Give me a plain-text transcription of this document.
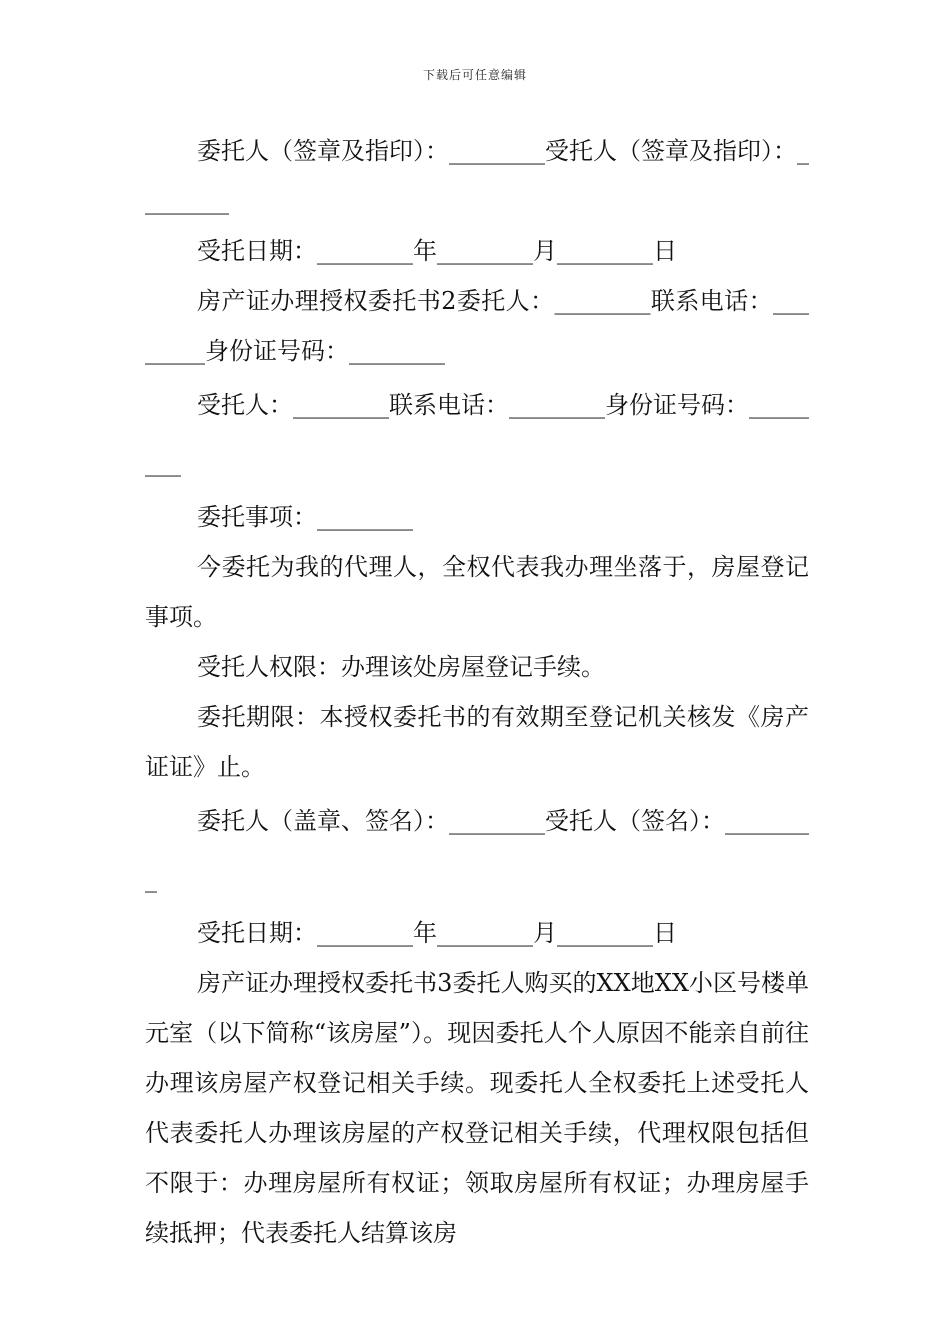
下载后可任意编辑

委托人（签章及指印）：________受托人（签章及指印）：________

受托日期：________年________月________日

房产证办理授权委托书2委托人：________联系电话：________身份证号码：________

受托人：________联系电话：________身份证号码：________

委托事项：________

今委托为我的代理人，全权代表我办理坐落于，房屋登记事项。

受托人权限：办理该处房屋登记手续。

委托期限：本授权委托书的有效期至登记机关核发《房产证证》止。

委托人（盖章、签名）：________受托人（签名）：________

受托日期：________年________月________日

房产证办理授权委托书3委托人购买的XX地XX小区号楼单元室（以下简称“该房屋”）。现因委托人个人原因不能亲自前往办理该房屋产权登记相关手续。现委托人全权委托上述受托人代表委托人办理该房屋的产权登记相关手续，代理权限包括但不限于：办理房屋所有权证；领取房屋所有权证；办理房屋手续抵押；代表委托人结算该房
